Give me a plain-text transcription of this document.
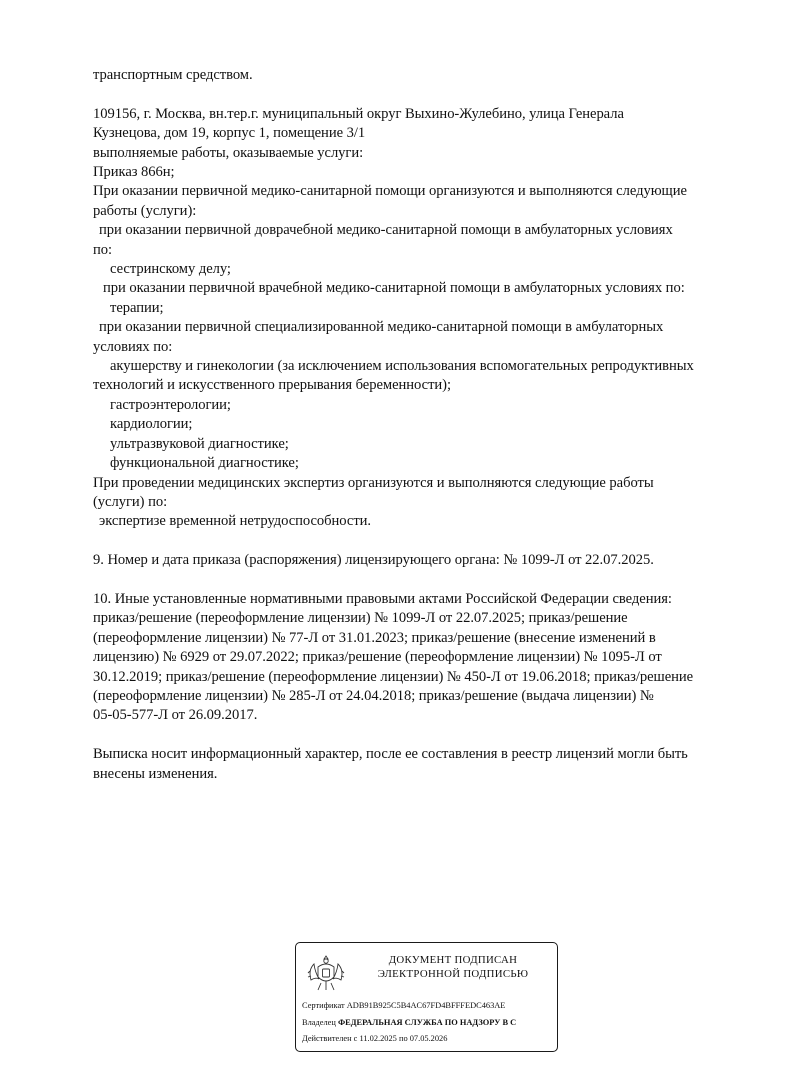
транспортным средством.
109156, г. Москва, вн.тер.г. муниципальный округ Выхино-Жулебино, улица Генерала
Кузнецова, дом 19, корпус 1, помещение 3/1
выполняемые работы, оказываемые услуги:
Приказ 866н;
При оказании первичной медико-санитарной помощи организуются и выполняются следующие
работы (услуги):
при оказании первичной доврачебной медико-санитарной помощи в амбулаторных условиях
по:
сестринскому делу;
при оказании первичной врачебной медико-санитарной помощи в амбулаторных условиях по:
терапии;
при оказании первичной специализированной медико-санитарной помощи в амбулаторных
условиях по:
акушерству и гинекологии (за исключением использования вспомогательных репродуктивных
технологий и искусственного прерывания беременности);
гастроэнтерологии;
кардиологии;
ультразвуковой диагностике;
функциональной диагностике;
При проведении медицинских экспертиз организуются и выполняются следующие работы
(услуги) по:
экспертизе временной нетрудоспособности.
9. Номер и дата приказа (распоряжения) лицензирующего органа: № 1099-Л от 22.07.2025.
10. Иные установленные нормативными правовыми актами Российской Федерации сведения:
приказ/решение (переоформление лицензии) № 1099-Л от 22.07.2025; приказ/решение
(переоформление лицензии) № 77-Л от 31.01.2023; приказ/решение (внесение изменений в
лицензию) № 6929 от 29.07.2022; приказ/решение (переоформление лицензии) № 1095-Л от
30.12.2019; приказ/решение (переоформление лицензии) № 450-Л от 19.06.2018; приказ/решение
(переоформление лицензии) № 285-Л от 24.04.2018; приказ/решение (выдача лицензии) №
05-05-577-Л от 26.09.2017.
Выписка носит информационный характер, после ее составления в реестр лицензий могли быть
внесены изменения.
ДОКУМЕНТ ПОДПИСАН
ЭЛЕКТРОННОЙ ПОДПИСЬЮ
Сертификат ADB91B925C5B4AC67FD4BFFFEDC463AE
Владелец ФЕДЕРАЛЬНАЯ СЛУЖБА ПО НАДЗОРУ В С
Действителен с 11.02.2025 по 07.05.2026
